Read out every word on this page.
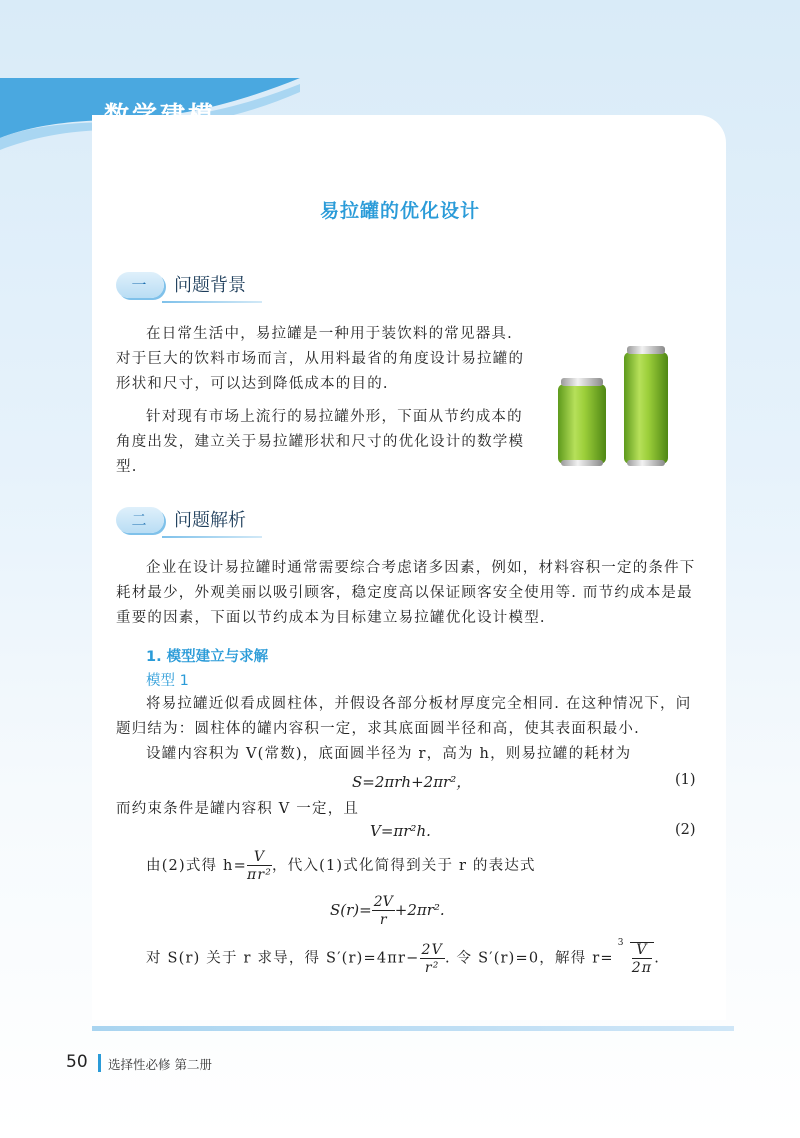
易拉罐的优化设计
一	问题背景
在日常生活中，易拉罐是一种用于装饮料的常见器具. 对于巨大的饮料市场而言，从用料最省的角度设计易拉罐的形状和尺寸，可以达到降低成本的目的.
针对现有市场上流行的易拉罐外形，下面从节约成本的角度出发，建立关于易拉罐形状和尺寸的优化设计的数学模型.
二	问题解析
企业在设计易拉罐时通常需要综合考虑诸多因素，例如，材料容积一定的条件下耗材最少，外观美丽以吸引顾客，稳定度高以保证顾客安全使用等. 而节约成本是最重要的因素，下面以节约成本为目标建立易拉罐优化设计模型.
1. 模型建立与求解
模型 1
将易拉罐近似看成圆柱体，并假设各部分板材厚度完全相同. 在这种情况下，问题归结为：圆柱体的罐内容积一定，求其底面圆半径和高，使其表面积最小.
设罐内容积为 V(常数)，底面圆半径为 r，高为 h，则易拉罐的耗材为
S=2πrh+2πr²，	(1)
而约束条件是罐内容积 V 一定，且
V=πr²h.	(2)
由(2)式得 $h= \frac{V}{\text{πr²}}$ ，代入(1)式化简得到关于 r 的表达式
$S(r)= \frac{2V}{r} +2\pi r^2$.
对 S(r) 关于 r 求导，得 $S'(r)=4\pi r- \frac{2V}{\text{r²}}$ . 令 S′(r)=0，解得 r=
$3 \frac{V}{2\pi}$ .
50 选择性必修 第二册
